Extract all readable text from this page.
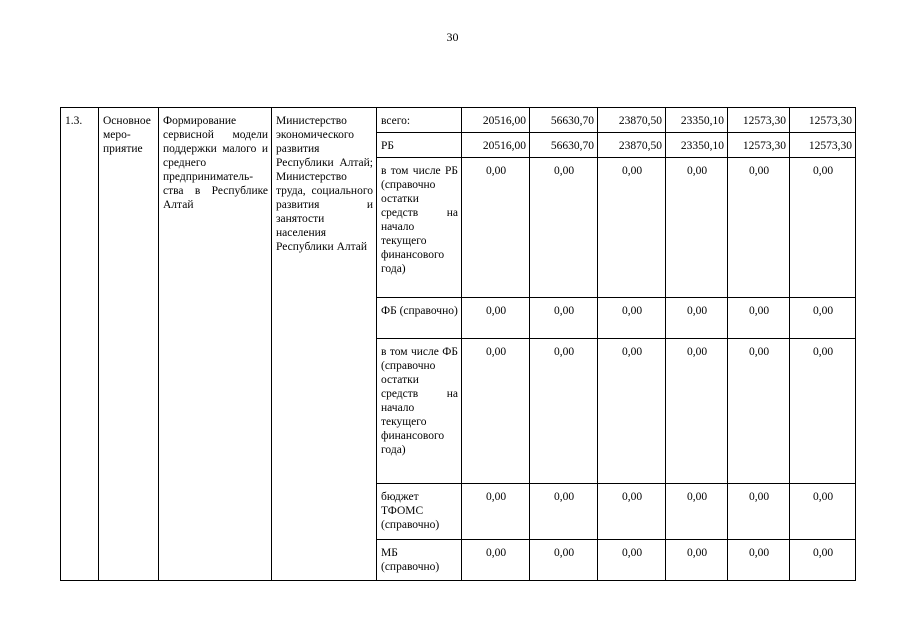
30
1.3.	Основное меро-приятие	Формирование сервисной модели поддержки малого и среднего предприниматель-ства в Республике Алтай	Министерство экономического развития Республики Алтай; Министерство труда, социального развития и занятости населения Республики Алтай	всего:	20516,00	56630,70	23870,50	23350,10	12573,30	12573,30
				РБ	20516,00	56630,70	23870,50	23350,10	12573,30	12573,30

				в том числе РБ (справочно остатки средств на начало текущего финансового года)	0,00	0,00	0,00	0,00	0,00	0,00

				ФБ (справочно)	0,00	0,00	0,00	0,00	0,00	0,00

				в том числе ФБ (справочно остатки средств на начало текущего финансового года)	0,00	0,00	0,00	0,00	0,00	0,00

				бюджет ТФОМС (справочно)	0,00	0,00	0,00	0,00	0,00	0,00

				МБ (справочно)	0,00	0,00	0,00	0,00	0,00	0,00
